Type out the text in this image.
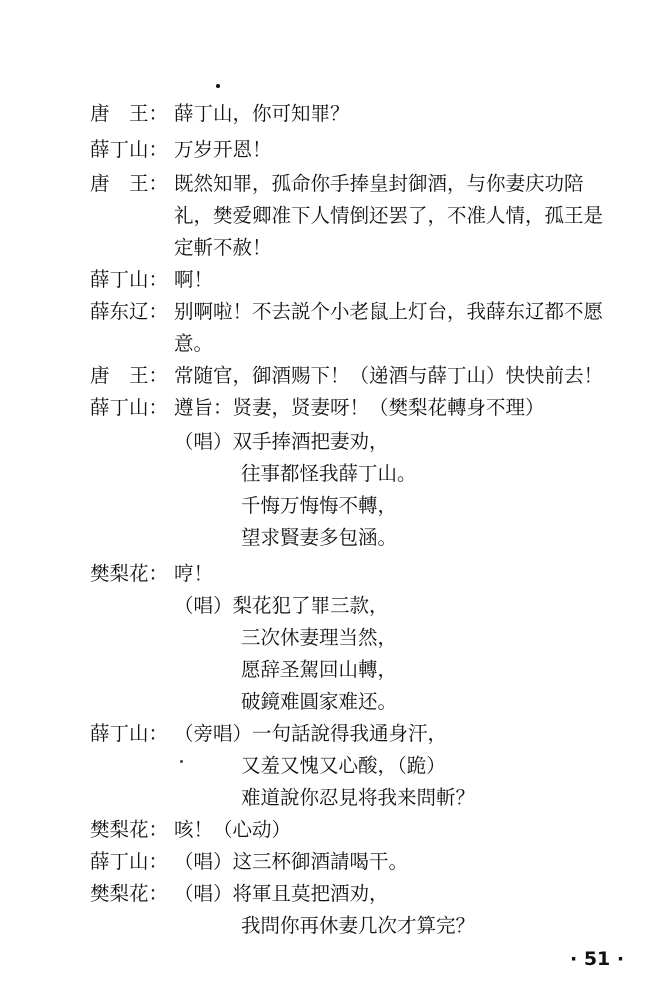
唐　王： 薛丁山，你可知罪？
薛丁山： 万岁开恩！
唐　王： 既然知罪，孤命你手捧皇封御酒，与你妻庆功陪
礼，樊爱卿准下人情倒还罢了，不准人情，孤王是
定斬不赦！
薛丁山： 啊！
薛东辽： 别啊啦！不去説个小老鼠上灯台，我薛东辽都不愿
意。
唐　王： 常随官，御酒赐下！（递酒与薛丁山）快快前去！
薛丁山： 遵旨：贤妻，贤妻呀！（樊梨花轉身不理）
（唱）双手捧酒把妻劝，
往事都怪我薛丁山。
千悔万悔悔不轉，
望求賢妻多包涵。
樊梨花： 哼！
（唱）梨花犯了罪三款，
三次休妻理当然，
愿辞圣駕回山轉，
破鏡难圓家难还。
薛丁山： （旁唱）一句話說得我通身汗，
又羞又愧又心酸，（跪）
难道說你忍見将我来問斬？
樊梨花： 咳！（心动）
薛丁山： （唱）这三杯御酒請喝干。
樊梨花： （唱）将軍且莫把酒劝，
我問你再休妻几次才算完？
· 51 ·
